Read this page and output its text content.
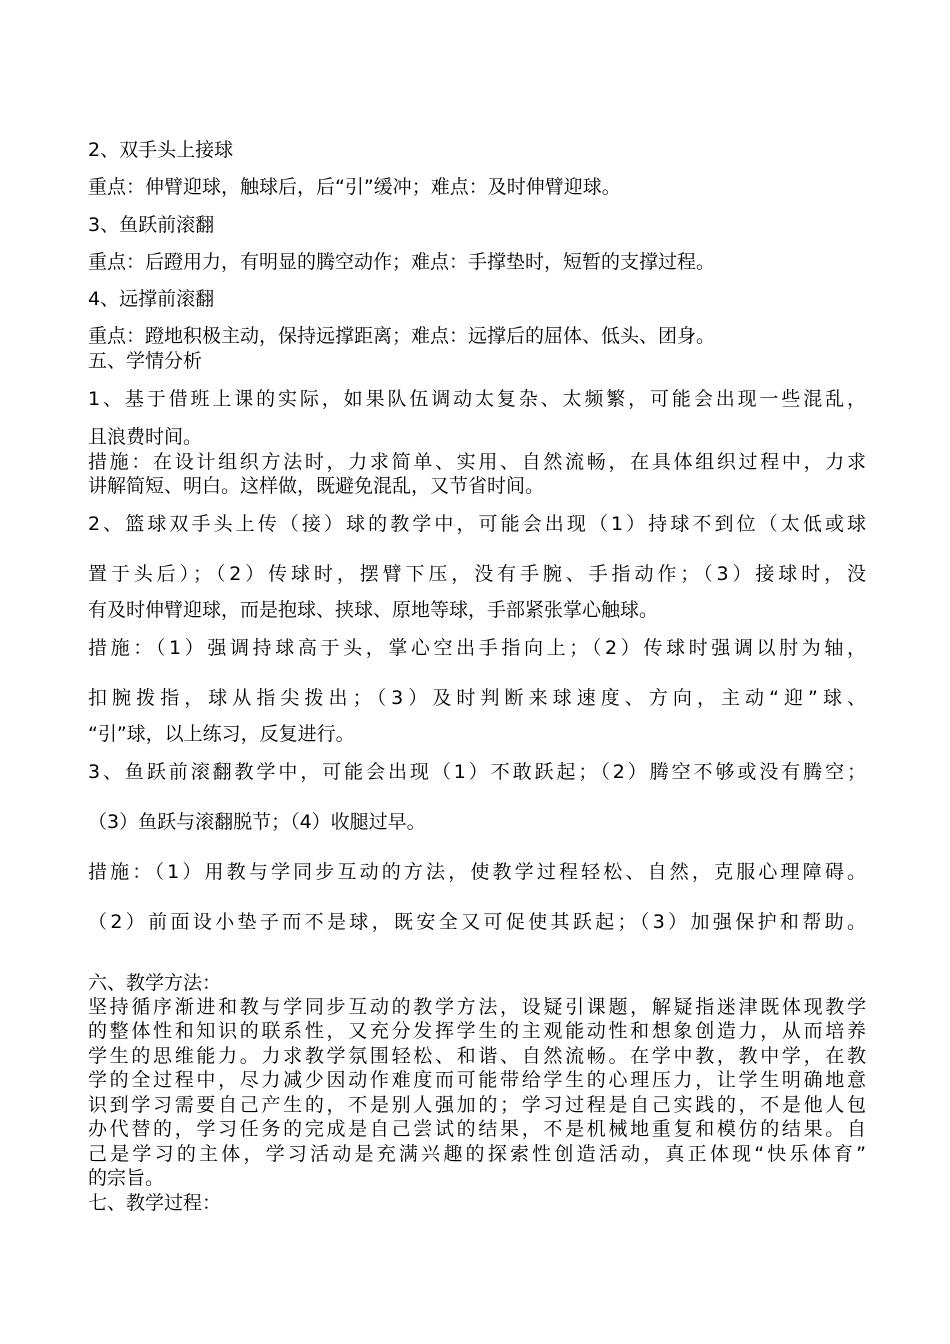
2、双手头上接球
重点：伸臂迎球，触球后，后“引”缓冲；难点：及时伸臂迎球。
3、鱼跃前滚翻
重点：后蹬用力，有明显的腾空动作；难点：手撑垫时，短暂的支撑过程。
4、远撑前滚翻
重点：蹬地积极主动，保持远撑距离；难点：远撑后的屈体、低头、团身。
五、学情分析
1、基于借班上课的实际，如果队伍调动太复杂、太频繁，可能会出现一些混乱，
且浪费时间。
措施：在设计组织方法时，力求简单、实用、自然流畅，在具体组织过程中，力求
讲解简短、明白。这样做，既避免混乱，又节省时间。
2、篮球双手头上传（接）球的教学中，可能会出现（1）持球不到位（太低或球
置于头后）；（2）传球时，摆臂下压，没有手腕、手指动作；（3）接球时，没
有及时伸臂迎球，而是抱球、挟球、原地等球，手部紧张掌心触球。
措施：（1）强调持球高于头，掌心空出手指向上；（2）传球时强调以肘为轴，
扣腕拨指，球从指尖拨出；（3）及时判断来球速度、方向，主动“迎”球、
“引”球，以上练习，反复进行。
3、鱼跃前滚翻教学中，可能会出现（1）不敢跃起；（2）腾空不够或没有腾空；
（3）鱼跃与滚翻脱节；（4）收腿过早。
措施：（1）用教与学同步互动的方法，使教学过程轻松、自然，克服心理障碍。
（2）前面设小垫子而不是球，既安全又可促使其跃起；（3）加强保护和帮助。
六、教学方法：
坚持循序渐进和教与学同步互动的教学方法，设疑引课题，解疑指迷津既体现教学
的整体性和知识的联系性，又充分发挥学生的主观能动性和想象创造力，从而培养
学生的思维能力。力求教学氛围轻松、和谐、自然流畅。在学中教，教中学，在教
学的全过程中，尽力减少因动作难度而可能带给学生的心理压力，让学生明确地意
识到学习需要自己产生的，不是别人强加的；学习过程是自己实践的，不是他人包
办代替的，学习任务的完成是自己尝试的结果，不是机械地重复和模仿的结果。自
己是学习的主体，学习活动是充满兴趣的探索性创造活动，真正体现“快乐体育”
的宗旨。
七、教学过程：
